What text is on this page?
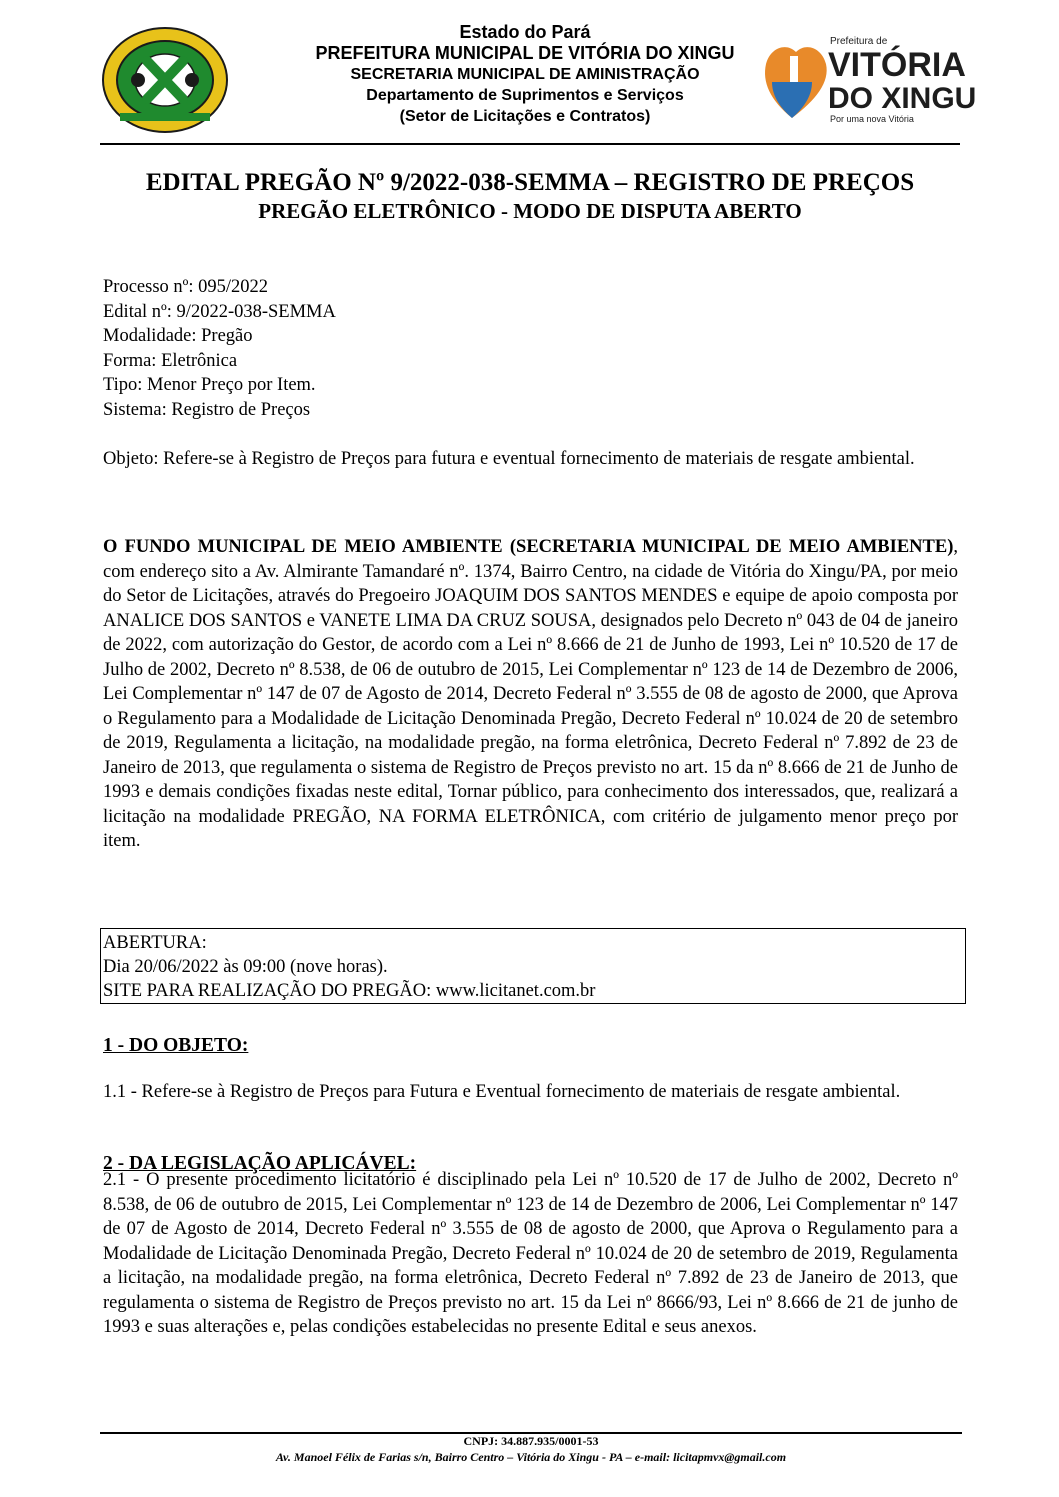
Estado do Pará
PREFEITURA MUNICIPAL DE VITÓRIA DO XINGU
SECRETARIA MUNICIPAL DE AMINISTRAÇÃO
Departamento de Suprimentos e Serviços
(Setor de Licitações e Contratos)
Prefeitura de
VITÓRIA
DO XINGU
Por uma nova Vitória
EDITAL PREGÃO Nº 9/2022-038-SEMMA – REGISTRO DE PREÇOS
PREGÃO ELETRÔNICO - MODO DE DISPUTA ABERTO
Processo nº: 095/2022
Edital nº: 9/2022-038-SEMMA
Modalidade: Pregão
Forma: Eletrônica
Tipo: Menor Preço por Item.
Sistema: Registro de Preços
Objeto: Refere-se à Registro de Preços para futura e eventual fornecimento de materiais de resgate ambiental.
O FUNDO MUNICIPAL DE MEIO AMBIENTE (SECRETARIA MUNICIPAL DE MEIO AMBIENTE), com endereço sito a Av. Almirante Tamandaré nº. 1374, Bairro Centro, na cidade de Vitória do Xingu/PA, por meio do Setor de Licitações, através do Pregoeiro JOAQUIM DOS SANTOS MENDES e equipe de apoio composta por ANALICE DOS SANTOS e VANETE LIMA DA CRUZ SOUSA, designados pelo Decreto nº 043 de 04 de janeiro de 2022, com autorização do Gestor, de acordo com a Lei nº 8.666 de 21 de Junho de 1993, Lei nº 10.520 de 17 de Julho de 2002, Decreto nº 8.538, de 06 de outubro de 2015, Lei Complementar nº 123 de 14 de Dezembro de 2006, Lei Complementar nº 147 de 07 de Agosto de 2014, Decreto Federal nº 3.555 de 08 de agosto de 2000, que Aprova o Regulamento para a Modalidade de Licitação Denominada Pregão, Decreto Federal nº 10.024 de 20 de setembro de 2019, Regulamenta a licitação, na modalidade pregão, na forma eletrônica, Decreto Federal nº 7.892 de 23 de Janeiro de 2013, que regulamenta o sistema de Registro de Preços previsto no art. 15 da nº 8.666 de 21 de Junho de 1993 e demais condições fixadas neste edital, Tornar público, para conhecimento dos interessados, que, realizará a licitação na modalidade PREGÃO, NA FORMA ELETRÔNICA, com critério de julgamento menor preço por item.
ABERTURA:
Dia 20/06/2022 às 09:00 (nove horas).
SITE PARA REALIZAÇÃO DO PREGÃO: www.licitanet.com.br
1 - DO OBJETO:
1.1 - Refere-se à Registro de Preços para Futura e Eventual fornecimento de materiais de resgate ambiental.
2 - DA LEGISLAÇÃO APLICÁVEL:
2.1 - O presente procedimento licitatório é disciplinado pela Lei nº 10.520 de 17 de Julho de 2002, Decreto nº 8.538, de 06 de outubro de 2015, Lei Complementar nº 123 de 14 de Dezembro de 2006, Lei Complementar nº 147 de 07 de Agosto de 2014, Decreto Federal nº 3.555 de 08 de agosto de 2000, que Aprova o Regulamento para a Modalidade de Licitação Denominada Pregão, Decreto Federal nº 10.024 de 20 de setembro de 2019, Regulamenta a licitação, na modalidade pregão, na forma eletrônica, Decreto Federal nº 7.892 de 23 de Janeiro de 2013, que regulamenta o sistema de Registro de Preços previsto no art. 15 da Lei nº 8666/93, Lei nº 8.666 de 21 de junho de 1993 e suas alterações e, pelas condições estabelecidas no presente Edital e seus anexos.
CNPJ: 34.887.935/0001-53
Av. Manoel Félix de Farias s/n, Bairro Centro – Vitória do Xingu - PA – e-mail: licitapmvx@gmail.com
